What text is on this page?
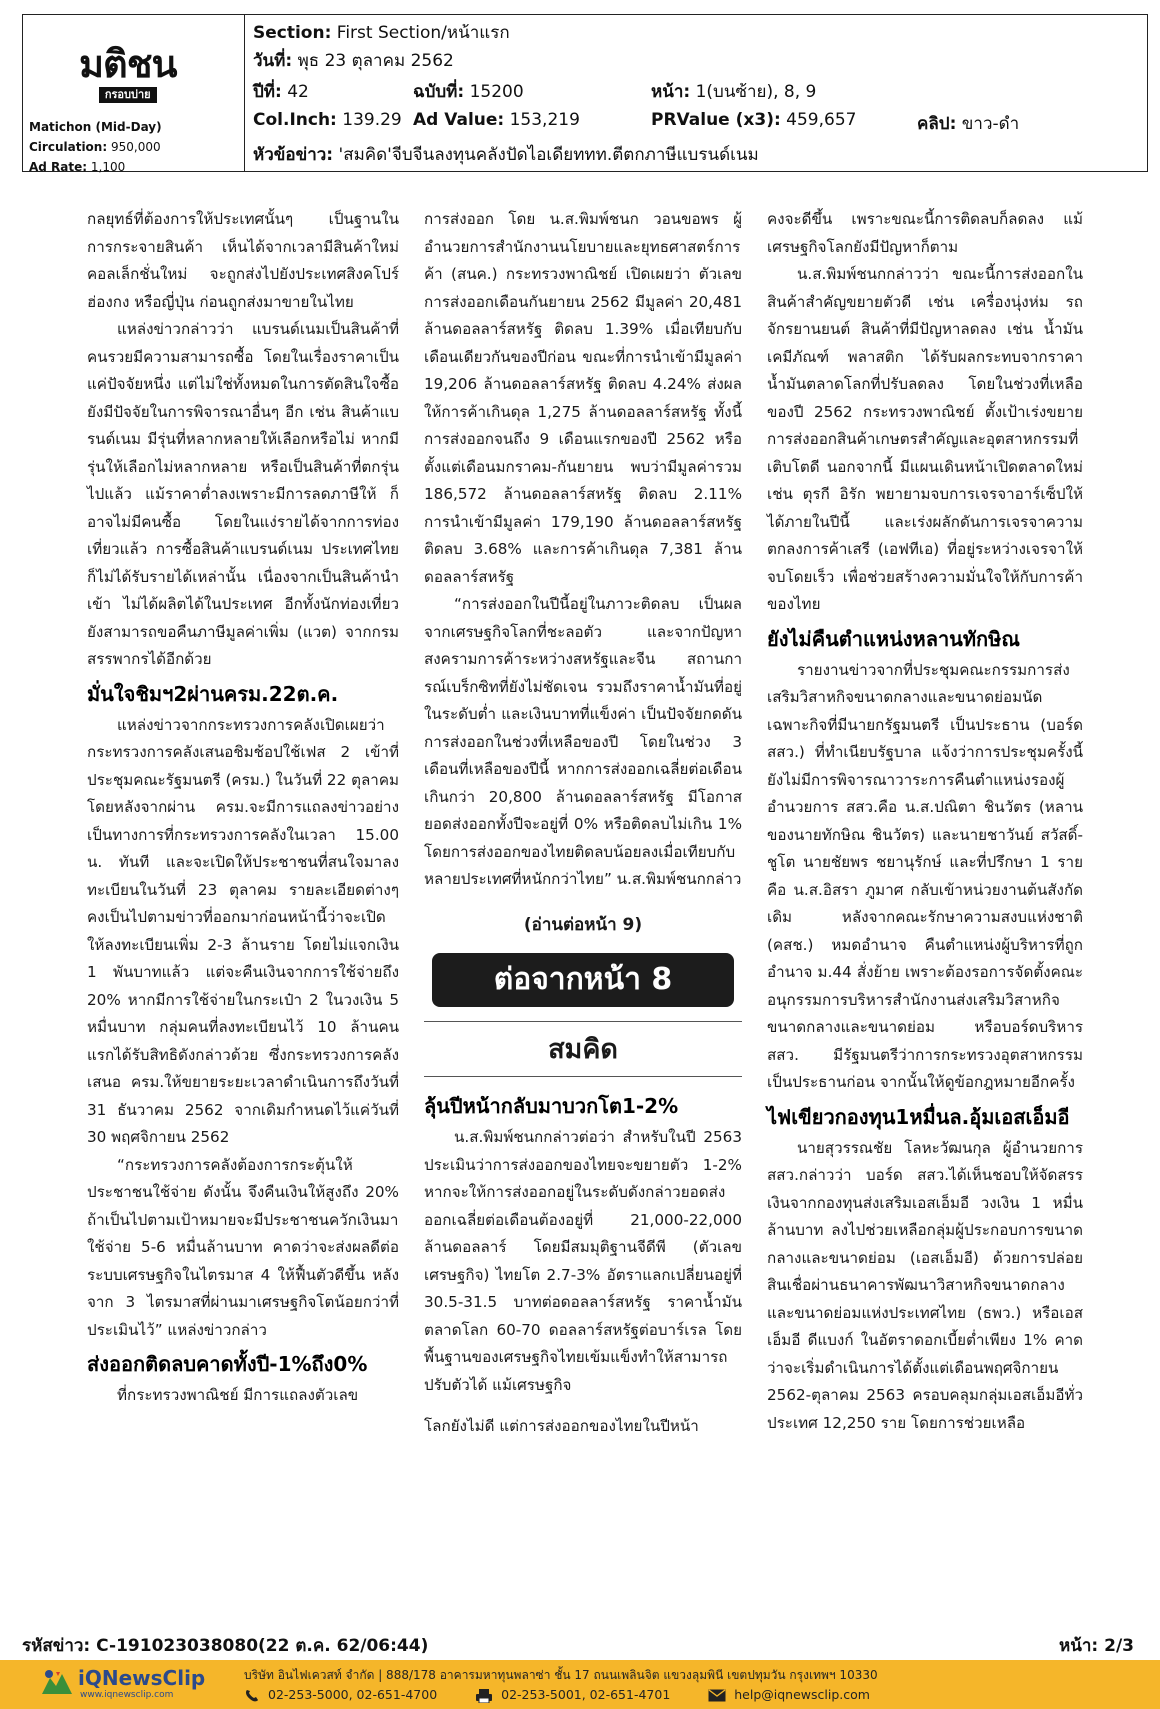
มติชน
กรอบบ่าย
Matichon (Mid-Day)
Circulation: 950,000
Ad Rate: 1,100
Section: First Section/หน้าแรก
วันที่: พุธ 23 ตุลาคม 2562
ปีที่: 42	ฉบับที่: 15200	หน้า: 1(บนซ้าย), 8, 9
Col.Inch: 139.29 Ad Value: 153,219	PRValue (x3): 459,657	คลิป: ขาว-ดำ
หัวข้อข่าว: 'สมคิด'จีบจีนลงทุนคลังปัดไอเดียททท.ตีตกภาษีแบรนด์เนม

กลยุทธ์ที่ต้องการให้ประเทศนั้นๆ เป็นฐานในการกระจายสินค้า เห็นได้จากเวลามีสินค้าใหม่ คอลเล็กชั่นใหม่ จะถูกส่งไปยังประเทศสิงคโปร์ ฮ่องกง หรือญี่ปุ่น ก่อนถูกส่งมาขายในไทย

แหล่งข่าวกล่าวว่า แบรนด์เนมเป็นสินค้าที่คนรวยมีความสามารถซื้อ โดยในเรื่องราคาเป็นแค่ปัจจัยหนึ่ง แต่ไม่ใช่ทั้งหมดในการตัดสินใจซื้อ ยังมีปัจจัยในการพิจารณาอื่นๆ อีก เช่น สินค้าแบรนด์เนม มีรุ่นที่หลากหลายให้เลือกหรือไม่ หากมีรุ่นให้เลือกไม่หลากหลาย หรือเป็นสินค้าที่ตกรุ่นไปแล้ว แม้ราคาต่ำลงเพราะมีการลดภาษีให้ ก็อาจไม่มีคนซื้อ โดยในแง่รายได้จากการท่องเที่ยวแล้ว การซื้อสินค้าแบรนด์เนม ประเทศไทยก็ไม่ได้รับรายได้เหล่านั้น เนื่องจากเป็นสินค้านำเข้า ไม่ได้ผลิตได้ในประเทศ อีกทั้งนักท่องเที่ยวยังสามารถขอคืนภาษีมูลค่าเพิ่ม (แวต) จากกรมสรรพากรได้อีกด้วย

มั่นใจชิมฯ2ผ่านครม.22ต.ค.

แหล่งข่าวจากกระทรวงการคลังเปิดเผยว่า กระทรวงการคลังเสนอชิมช้อปใช้เฟส 2 เข้าที่ประชุมคณะรัฐมนตรี (ครม.) ในวันที่ 22 ตุลาคม โดยหลังจากผ่าน ครม.จะมีการแถลงข่าวอย่างเป็นทางการที่กระทรวงการคลังในเวลา 15.00 น. ทันที และจะเปิดให้ประชาชนที่สนใจมาลงทะเบียนในวันที่ 23 ตุลาคม รายละเอียดต่างๆ คงเป็นไปตามข่าวที่ออกมาก่อนหน้านี้ว่าจะเปิดให้ลงทะเบียนเพิ่ม 2-3 ล้านราย โดยไม่แจกเงิน 1 พันบาทแล้ว แต่จะคืนเงินจากการใช้จ่ายถึง 20% หากมีการใช้จ่ายในกระเป๋า 2 ในวงเงิน 5 หมื่นบาท กลุ่มคนที่ลงทะเบียนไว้ 10 ล้านคนแรกได้รับสิทธิดังกล่าวด้วย ซึ่งกระทรวงการคลังเสนอ ครม.ให้ขยายระยะเวลาดำเนินการถึงวันที่ 31 ธันวาคม 2562 จากเดิมกำหนดไว้แค่วันที่ 30 พฤศจิกายน 2562

“กระทรวงการคลังต้องการกระตุ้นให้ประชาชนใช้จ่าย ดังนั้น จึงคืนเงินให้สูงถึง 20% ถ้าเป็นไปตามเป้าหมายจะมีประชาชนควักเงินมาใช้จ่าย 5-6 หมื่นล้านบาท คาดว่าจะส่งผลดีต่อระบบเศรษฐกิจในไตรมาส 4 ให้ฟื้นตัวดีขึ้น หลังจาก 3 ไตรมาสที่ผ่านมาเศรษฐกิจโตน้อยกว่าที่ประเมินไว้” แหล่งข่าวกล่าว

ส่งออกติดลบคาดทั้งปี-1%ถึง0%

ที่กระทรวงพาณิชย์ มีการแถลงตัวเลข

การส่งออก โดย น.ส.พิมพ์ชนก วอนขอพร ผู้อำนวยการสำนักงานนโยบายและยุทธศาสตร์การค้า (สนค.) กระทรวงพาณิชย์ เปิดเผยว่า ตัวเลขการส่งออกเดือนกันยายน 2562 มีมูลค่า 20,481 ล้านดอลลาร์สหรัฐ ติดลบ 1.39% เมื่อเทียบกับเดือนเดียวกันของปีก่อน ขณะที่การนำเข้ามีมูลค่า 19,206 ล้านดอลลาร์สหรัฐ ติดลบ 4.24% ส่งผลให้การค้าเกินดุล 1,275 ล้านดอลลาร์สหรัฐ ทั้งนี้ การส่งออกจนถึง 9 เดือนแรกของปี 2562 หรือตั้งแต่เดือนมกราคม-กันยายน พบว่ามีมูลค่ารวม 186,572 ล้านดอลลาร์สหรัฐ ติดลบ 2.11% การนำเข้ามีมูลค่า 179,190 ล้านดอลลาร์สหรัฐ ติดลบ 3.68% และการค้าเกินดุล 7,381 ล้านดอลลาร์สหรัฐ

“การส่งออกในปีนี้อยู่ในภาวะติดลบ เป็นผลจากเศรษฐกิจโลกที่ชะลอตัว และจากปัญหาสงครามการค้าระหว่างสหรัฐและจีน สถานการณ์เบร็กซิทที่ยังไม่ชัดเจน รวมถึงราคาน้ำมันที่อยู่ในระดับต่ำ และเงินบาทที่แข็งค่า เป็นปัจจัยกดดันการส่งออกในช่วงที่เหลือของปี โดยในช่วง 3 เดือนที่เหลือของปีนี้ หากการส่งออกเฉลี่ยต่อเดือนเกินกว่า 20,800 ล้านดอลลาร์สหรัฐ มีโอกาสยอดส่งออกทั้งปีจะอยู่ที่ 0% หรือติดลบไม่เกิน 1% โดยการส่งออกของไทยติดลบน้อยลงเมื่อเทียบกับหลายประเทศที่หนักกว่าไทย” น.ส.พิมพ์ชนกกล่าว

(อ่านต่อหน้า 9)
ต่อจากหน้า 8
สมคิด
ลุ้นปีหน้ากลับมาบวกโต1-2%

น.ส.พิมพ์ชนกกล่าวต่อว่า สำหรับในปี 2563 ประเมินว่าการส่งออกของไทยจะขยายตัว 1-2% หากจะให้การส่งออกอยู่ในระดับดังกล่าวยอดส่งออกเฉลี่ยต่อเดือนต้องอยู่ที่ 21,000-22,000 ล้านดอลลาร์ โดยมีสมมุติฐานจีดีพี (ตัวเลขเศรษฐกิจ) ไทยโต 2.7-3% อัตราแลกเปลี่ยนอยู่ที่ 30.5-31.5 บาทต่อดอลลาร์สหรัฐ ราคาน้ำมันตลาดโลก 60-70 ดอลลาร์สหรัฐต่อบาร์เรล โดยพื้นฐานของเศรษฐกิจไทยเข้มแข็งทำให้สามารถปรับตัวได้ แม้เศรษฐกิจ

โลกยังไม่ดี แต่การส่งออกของไทยในปีหน้า

คงจะดีขึ้น เพราะขณะนี้การติดลบก็ลดลง แม้เศรษฐกิจโลกยังมีปัญหาก็ตาม

น.ส.พิมพ์ชนกกล่าวว่า ขณะนี้การส่งออกในสินค้าสำคัญขยายตัวดี เช่น เครื่องนุ่งห่ม รถจักรยานยนต์ สินค้าที่มีปัญหาลดลง เช่น น้ำมัน เคมีภัณฑ์ พลาสติก ได้รับผลกระทบจากราคาน้ำมันตลาดโลกที่ปรับลดลง โดยในช่วงที่เหลือของปี 2562 กระทรวงพาณิชย์ ตั้งเป้าเร่งขยายการส่งออกสินค้าเกษตรสำคัญและอุตสาหกรรมที่เติบโตดี นอกจากนี้ มีแผนเดินหน้าเปิดตลาดใหม่ เช่น ตุรกี อิรัก พยายามจบการเจรจาอาร์เซ็ปให้ได้ภายในปีนี้ และเร่งผลักดันการเจรจาความตกลงการค้าเสรี (เอฟทีเอ) ที่อยู่ระหว่างเจรจาให้จบโดยเร็ว เพื่อช่วยสร้างความมั่นใจให้กับการค้าของไทย

ยังไม่คืนตำแหน่งหลานทักษิณ

รายงานข่าวจากที่ประชุมคณะกรรมการส่งเสริมวิสาหกิจขนาดกลางและขนาดย่อมนัดเฉพาะกิจที่มีนายกรัฐมนตรี เป็นประธาน (บอร์ด สสว.) ที่ทำเนียบรัฐบาล แจ้งว่าการประชุมครั้งนี้ยังไม่มีการพิจารณาวาระการคืนตำแหน่งรองผู้อำนวยการ สสว.คือ น.ส.ปณิตา ชินวัตร (หลานของนายทักษิณ ชินวัตร) และนายชาวันย์ สวัสดิ์-ชูโต นายชัยพร ชยานุรักษ์ และที่ปรึกษา 1 ราย คือ น.ส.อิสรา ภูมาศ กลับเข้าหน่วยงานต้นสังกัดเดิม หลังจากคณะรักษาความสงบแห่งชาติ (คสช.) หมดอำนาจ คืนตำแหน่งผู้บริหารที่ถูกอำนาจ ม.44 สั่งย้าย เพราะต้องรอการจัดตั้งคณะอนุกรรมการบริหารสำนักงานส่งเสริมวิสาหกิจขนาดกลางและขนาดย่อม หรือบอร์ดบริหาร สสว. มีรัฐมนตรีว่าการกระทรวงอุตสาหกรรม เป็นประธานก่อน จากนั้นให้ดูข้อกฎหมายอีกครั้ง

ไฟเขียวกองทุน1หมื่นล.อุ้มเอสเอ็มอี

นายสุวรรณชัย โลหะวัฒนกุล ผู้อำนวยการ สสว.กล่าวว่า บอร์ด สสว.ได้เห็นชอบให้จัดสรรเงินจากกองทุนส่งเสริมเอสเอ็มอี วงเงิน 1 หมื่นล้านบาท ลงไปช่วยเหลือกลุ่มผู้ประกอบการขนาดกลางและขนาดย่อม (เอสเอ็มอี) ด้วยการปล่อยสินเชื่อผ่านธนาคารพัฒนาวิสาหกิจขนาดกลางและขนาดย่อมแห่งประเทศไทย (ธพว.) หรือเอสเอ็มอี ดีแบงก์ ในอัตราดอกเบี้ยต่ำเพียง 1% คาดว่าจะเริ่มดำเนินการได้ตั้งแต่เดือนพฤศจิกายน 2562-ตุลาคม 2563 ครอบคลุมกลุ่มเอสเอ็มอีทั่วประเทศ 12,250 ราย โดยการช่วยเหลือ

รหัสข่าว: C-191023038080(22 ต.ค. 62/06:44)	หน้า: 2/3
iQNewsClip
www.iqnewsclip.com
บริษัท อินไฟเควสท์ จำกัด | 888/178 อาคารมหาทุนพลาซ่า ชั้น 17 ถนนเพลินจิต แขวงลุมพินี เขตปทุมวัน กรุงเทพฯ 10330
02-253-5000, 02-651-4700	02-253-5001, 02-651-4701	help@iqnewsclip.com
